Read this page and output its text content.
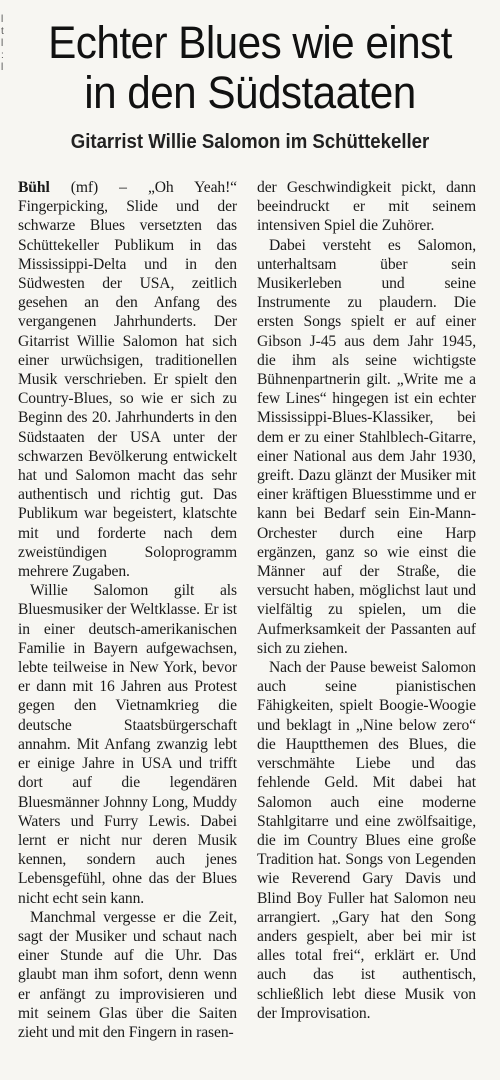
l
t
l
:
l Echter Blues wie einst
in den Südstaaten
Gitarrist Willie Salomon im Schüttekeller

Bühl (mf) – „Oh Yeah!“ Fingerpicking, Slide und der schwarze Blues versetzten das Schüttekeller Publikum in das Mississippi-Delta und in den Südwesten der USA, zeitlich gesehen an den Anfang des vergangenen Jahrhunderts. Der Gitarrist Willie Salomon hat sich einer urwüchsigen, traditionellen Musik verschrieben. Er spielt den Country-Blues, so wie er sich zu Beginn des 20. Jahrhunderts in den Südstaaten der USA unter der schwarzen Bevölkerung entwickelt hat und Salomon macht das sehr authentisch und richtig gut. Das Publikum war begeistert, klatschte mit und forderte nach dem zweistündigen Soloprogramm mehrere Zugaben.

Willie Salomon gilt als Bluesmusiker der Weltklasse. Er ist in einer deutsch-amerikanischen Familie in Bayern aufgewachsen, lebte teilweise in New York, bevor er dann mit 16 Jahren aus Protest gegen den Vietnamkrieg die deutsche Staatsbürgerschaft annahm. Mit Anfang zwanzig lebt er einige Jahre in USA und trifft dort auf die legendären Bluesmänner Johnny Long, Muddy Waters und Furry Lewis. Dabei lernt er nicht nur deren Musik kennen, sondern auch jenes Lebensgefühl, ohne das der Blues nicht echt sein kann.

Manchmal vergesse er die Zeit, sagt der Musiker und schaut nach einer Stunde auf die Uhr. Das glaubt man ihm sofort, denn wenn er anfängt zu improvisieren und mit seinem Glas über die Saiten zieht und mit den Fingern in rasen-

der Geschwindigkeit pickt, dann beeindruckt er mit seinem intensiven Spiel die Zuhörer.

Dabei versteht es Salomon, unterhaltsam über sein Musikerleben und seine Instrumente zu plaudern. Die ersten Songs spielt er auf einer Gibson J-45 aus dem Jahr 1945, die ihm als seine wichtigste Bühnenpartnerin gilt. „Write me a few Lines“ hingegen ist ein echter Mississippi-Blues-Klassiker, bei dem er zu einer Stahlblech-Gitarre, einer National aus dem Jahr 1930, greift. Dazu glänzt der Musiker mit einer kräftigen Bluesstimme und er kann bei Bedarf sein Ein-Mann-Orchester durch eine Harp ergänzen, ganz so wie einst die Männer auf der Straße, die versucht haben, möglichst laut und vielfältig zu spielen, um die Aufmerksamkeit der Passanten auf sich zu ziehen.

Nach der Pause beweist Salomon auch seine pianistischen Fähigkeiten, spielt Boogie-Woogie und beklagt in „Nine below zero“ die Hauptthemen des Blues, die verschmähte Liebe und das fehlende Geld. Mit dabei hat Salomon auch eine moderne Stahlgitarre und eine zwölfsaitige, die im Country Blues eine große Tradition hat. Songs von Legenden wie Reverend Gary Davis und Blind Boy Fuller hat Salomon neu arrangiert. „Gary hat den Song anders gespielt, aber bei mir ist alles total frei“, erklärt er. Und auch das ist authentisch, schließlich lebt diese Musik von der Improvisation.
